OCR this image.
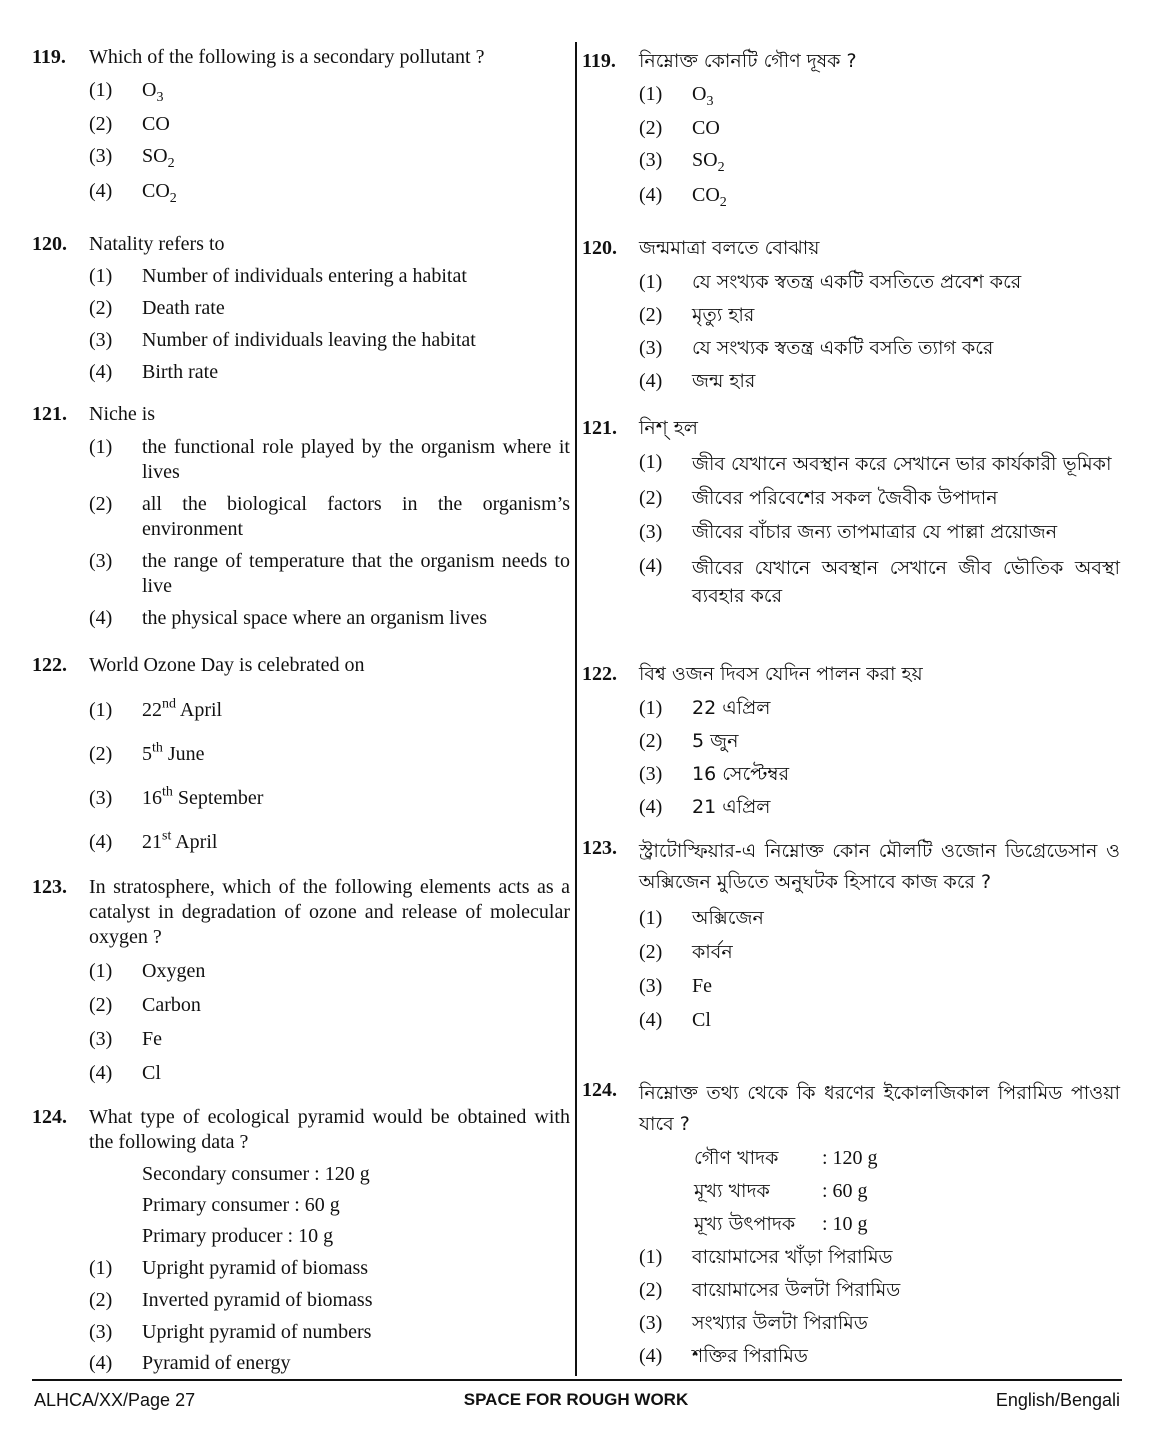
119. Which of the following is a secondary pollutant ?
(1) $O_3$
(2) CO
(3) $SO_2$
(4) $CO_2$
120. Natality refers to
(1) Number of individuals entering a habitat
(2) Death rate
(3) Number of individuals leaving the habitat
(4) Birth rate
121. Niche is
(1) the functional role played by the organism where it lives
(2) all the biological factors in the organism’s environment
(3) the range of temperature that the organism needs to live
(4) the physical space where an organism lives
122. World Ozone Day is celebrated on
(1) 22nd April
(2) 5th June
(3) 16th September
(4) 21st April
123. In stratosphere, which of the following elements acts as a catalyst in degradation of ozone and release of molecular oxygen ?
(1) Oxygen
(2) Carbon
(3) Fe
(4) Cl
124. What type of ecological pyramid would be obtained with the following data ?
Secondary consumer : 120 g
Primary consumer : 60 g
Primary producer : 10 g
(1) Upright pyramid of biomass
(2) Inverted pyramid of biomass
(3) Upright pyramid of numbers
(4) Pyramid of energy
119. নিম্নোক্ত কোনটি গৌণ দূষক ?
(1) $O_3$
(2) CO
(3) $SO_2$
(4) $CO_2$
120. জন্মমাত্রা বলতে বোঝায়
(1) যে সংখ্যক স্বতন্ত্র একটি বসতিতে প্রবেশ করে
(2) মৃত্যু হার
(3) যে সংখ্যক স্বতন্ত্র একটি বসতি ত্যাগ করে
(4) জন্ম হার
121. নিশ্ হল
(1) জীব যেখানে অবস্থান করে সেখানে ভার কার্যকারী ভূমিকা
(2) জীবের পরিবেশের সকল জৈবীক উপাদান
(3) জীবের বাঁচার জন্য তাপমাত্রার যে পাল্লা প্রয়োজন
(4) জীবের যেখানে অবস্থান সেখানে জীব ভৌতিক অবস্থা ব্যবহার করে
122. বিশ্ব ওজন দিবস যেদিন পালন করা হয়
(1) 22 এপ্রিল
(2) 5 জুন
(3) 16 সেপ্টেম্বর
(4) 21 এপ্রিল
123. স্ট্রাটোস্ফিয়ার-এ নিম্নোক্ত কোন মৌলটি ওজোন ডিগ্রেডেসান ও অক্সিজেন মুডিতে অনুঘটক হিসাবে কাজ করে ?
(1) অক্সিজেন
(2) কার্বন
(3) Fe
(4) Cl
124. নিম্নোক্ত তথ্য থেকে কি ধরণের ইকোলজিকাল পিরামিড পাওয়া যাবে ?
গৌণ খাদক	: 120 g
মূখ্য খাদক	: 60 g
মূখ্য উৎপাদক	: 10 g
(1) বায়োমাসের খাঁড়া পিরামিড
(2) বায়োমাসের উলটা পিরামিড
(3) সংখ্যার উলটা পিরামিড
(4) শক্তির পিরামিড
SPACE FOR ROUGH WORK
ALHCA/XX/Page 27	English/Bengali
